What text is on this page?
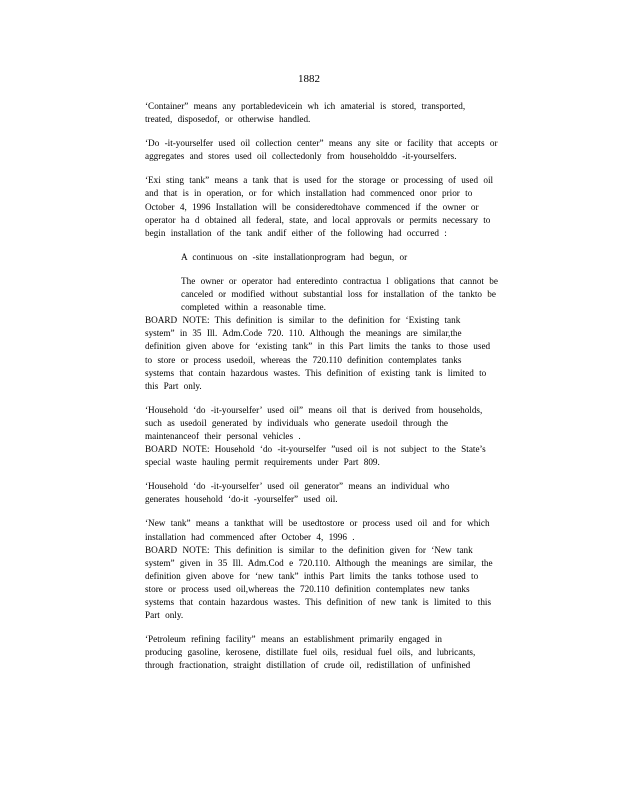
1882
‘Container” means any portabledevicein wh ich amaterial is stored, transported,
treated, disposedof, or otherwise handled.
‘Do -it-yourselfer used oil collection center” means any site or facility that accepts or
aggregates and stores used oil collectedonly from householddo -it-yourselfers.
‘Exi sting tank” means a tank that is used for the storage or processing of used oil
and that is in operation, or for which installation had commenced onor prior to
October 4, 1996 Installation will be consideredtohave commenced if the owner or
operator ha d obtained all federal, state, and local approvals or permits necessary to
begin installation of the tank andif either of the following had occurred :
A continuous on -site installationprogram had begun, or
The owner or operator had enteredinto contractua l obligations that cannot be
canceled or modified without substantial loss for installation of the tankto be
completed within a reasonable time.
BOARD NOTE: This definition is similar to the definition for ‘Existing tank
system” in 35 Ill. Adm.Code 720. 110. Although the meanings are similar,the
definition given above for ‘existing tank” in this Part limits the tanks to those used
to store or process usedoil, whereas the 720.110 definition contemplates tanks
systems that contain hazardous wastes. This definition of existing tank is limited to
this Part only.
‘Household ‘do -it-yourselfer’ used oil” means oil that is derived from households,
such as usedoil generated by individuals who generate usedoil through the
maintenanceof their personal vehicles .
BOARD NOTE: Household ‘do -it-yourselfer ”used oil is not subject to the State’s
special waste hauling permit requirements under Part 809.
‘Household ‘do -it-yourselfer’ used oil generator” means an individual who
generates household ‘do-it -yourselfer” used oil.
‘New tank” means a tankthat will be usedtostore or process used oil and for which
installation had commenced after October 4, 1996 .
BOARD NOTE: This definition is similar to the definition given for ‘New tank
system” given in 35 Ill. Adm.Cod e 720.110. Although the meanings are similar, the
definition given above for ‘new tank” inthis Part limits the tanks tothose used to
store or process used oil,whereas the 720.110 definition contemplates new tanks
systems that contain hazardous wastes. This definition of new tank is limited to this
Part only.
‘Petroleum refining facility” means an establishment primarily engaged in
producing gasoline, kerosene, distillate fuel oils, residual fuel oils, and lubricants,
through fractionation, straight distillation of crude oil, redistillation of unfinished
